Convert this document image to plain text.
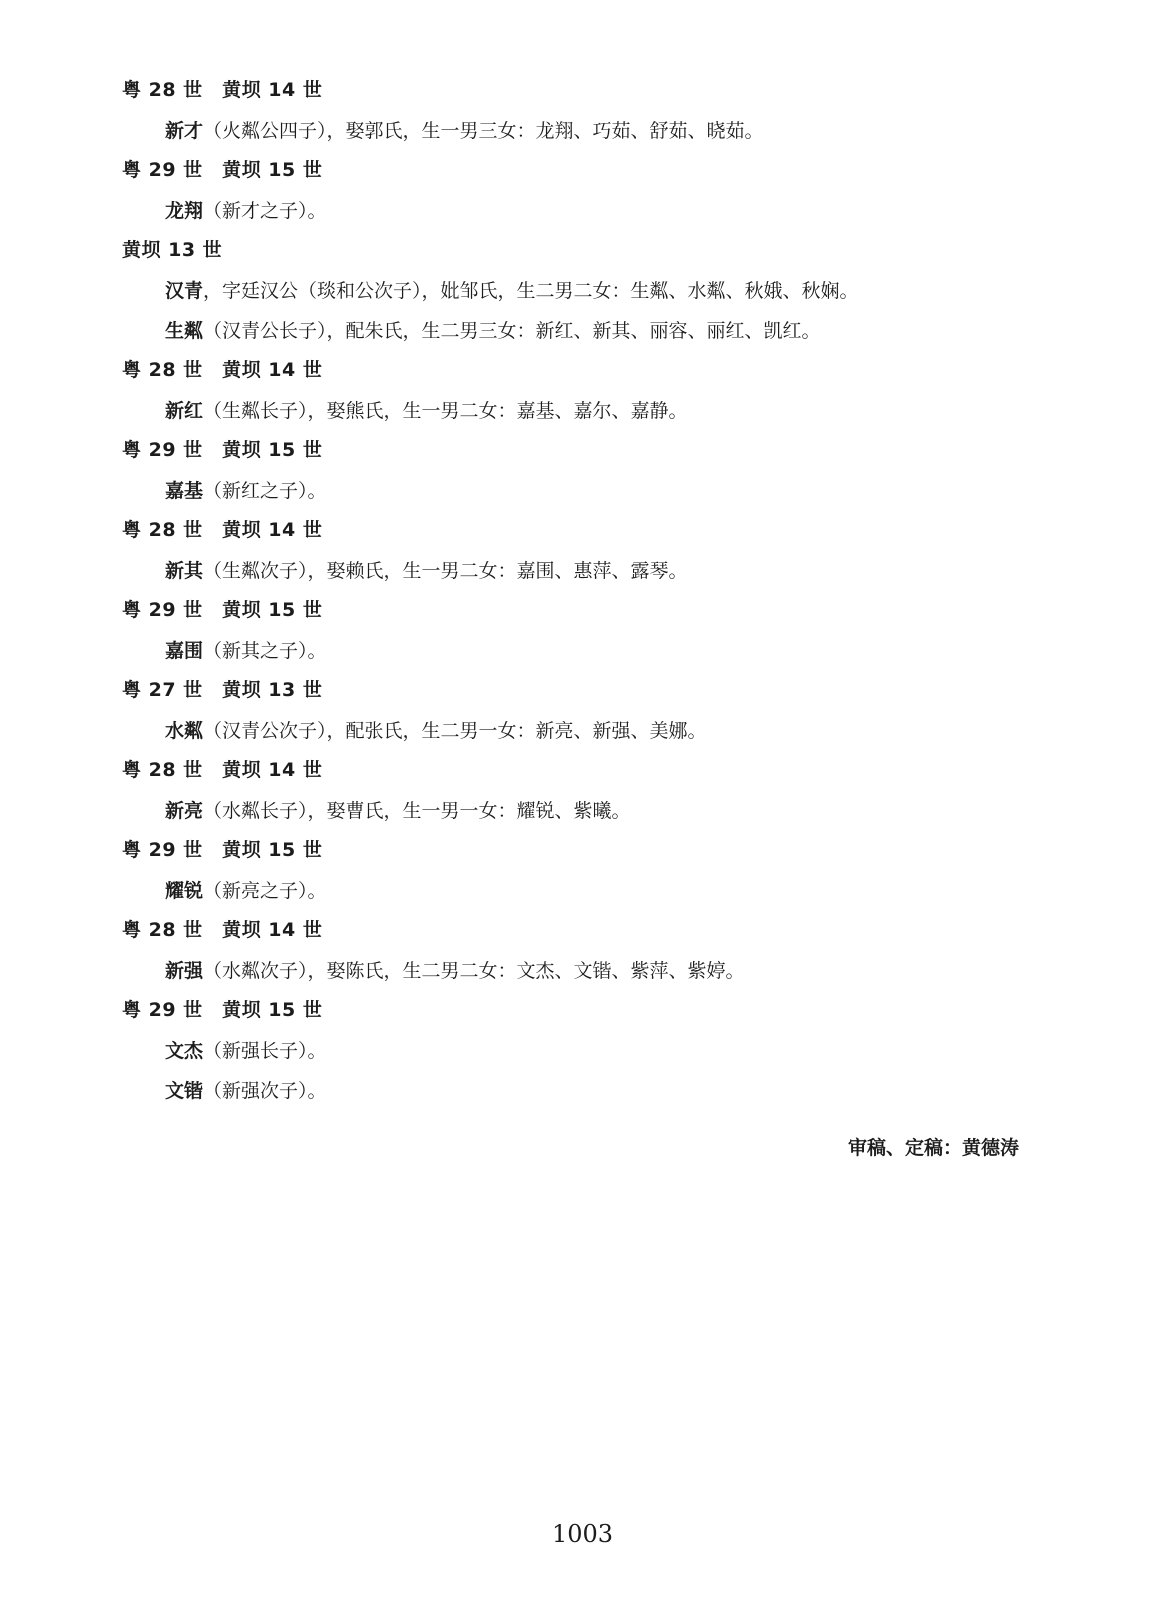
粤 28 世　黄坝 14 世
新才（火粼公四子），娶郭氏，生一男三女：龙翔、巧茹、舒茹、晓茹。
粤 29 世　黄坝 15 世
龙翔（新才之子）。
黄坝 13 世
汉青，字廷汉公（琰和公次子），妣邹氏，生二男二女：生粼、水粼、秋娥、秋娴。
生粼（汉青公长子），配朱氏，生二男三女：新红、新其、丽容、丽红、凯红。
粤 28 世　黄坝 14 世
新红（生粼长子），娶熊氏，生一男二女：嘉基、嘉尔、嘉静。
粤 29 世　黄坝 15 世
嘉基（新红之子）。
粤 28 世　黄坝 14 世
新其（生粼次子），娶赖氏，生一男二女：嘉围、惠萍、露琴。
粤 29 世　黄坝 15 世
嘉围（新其之子）。
粤 27 世　黄坝 13 世
水粼（汉青公次子），配张氏，生二男一女：新亮、新强、美娜。
粤 28 世　黄坝 14 世
新亮（水粼长子），娶曹氏，生一男一女：耀锐、紫曦。
粤 29 世　黄坝 15 世
耀锐（新亮之子）。
粤 28 世　黄坝 14 世
新强（水粼次子），娶陈氏，生二男二女：文杰、文锴、紫萍、紫婷。
粤 29 世　黄坝 15 世
文杰（新强长子）。
文锴（新强次子）。
审稿、定稿：黄德涛
1003
